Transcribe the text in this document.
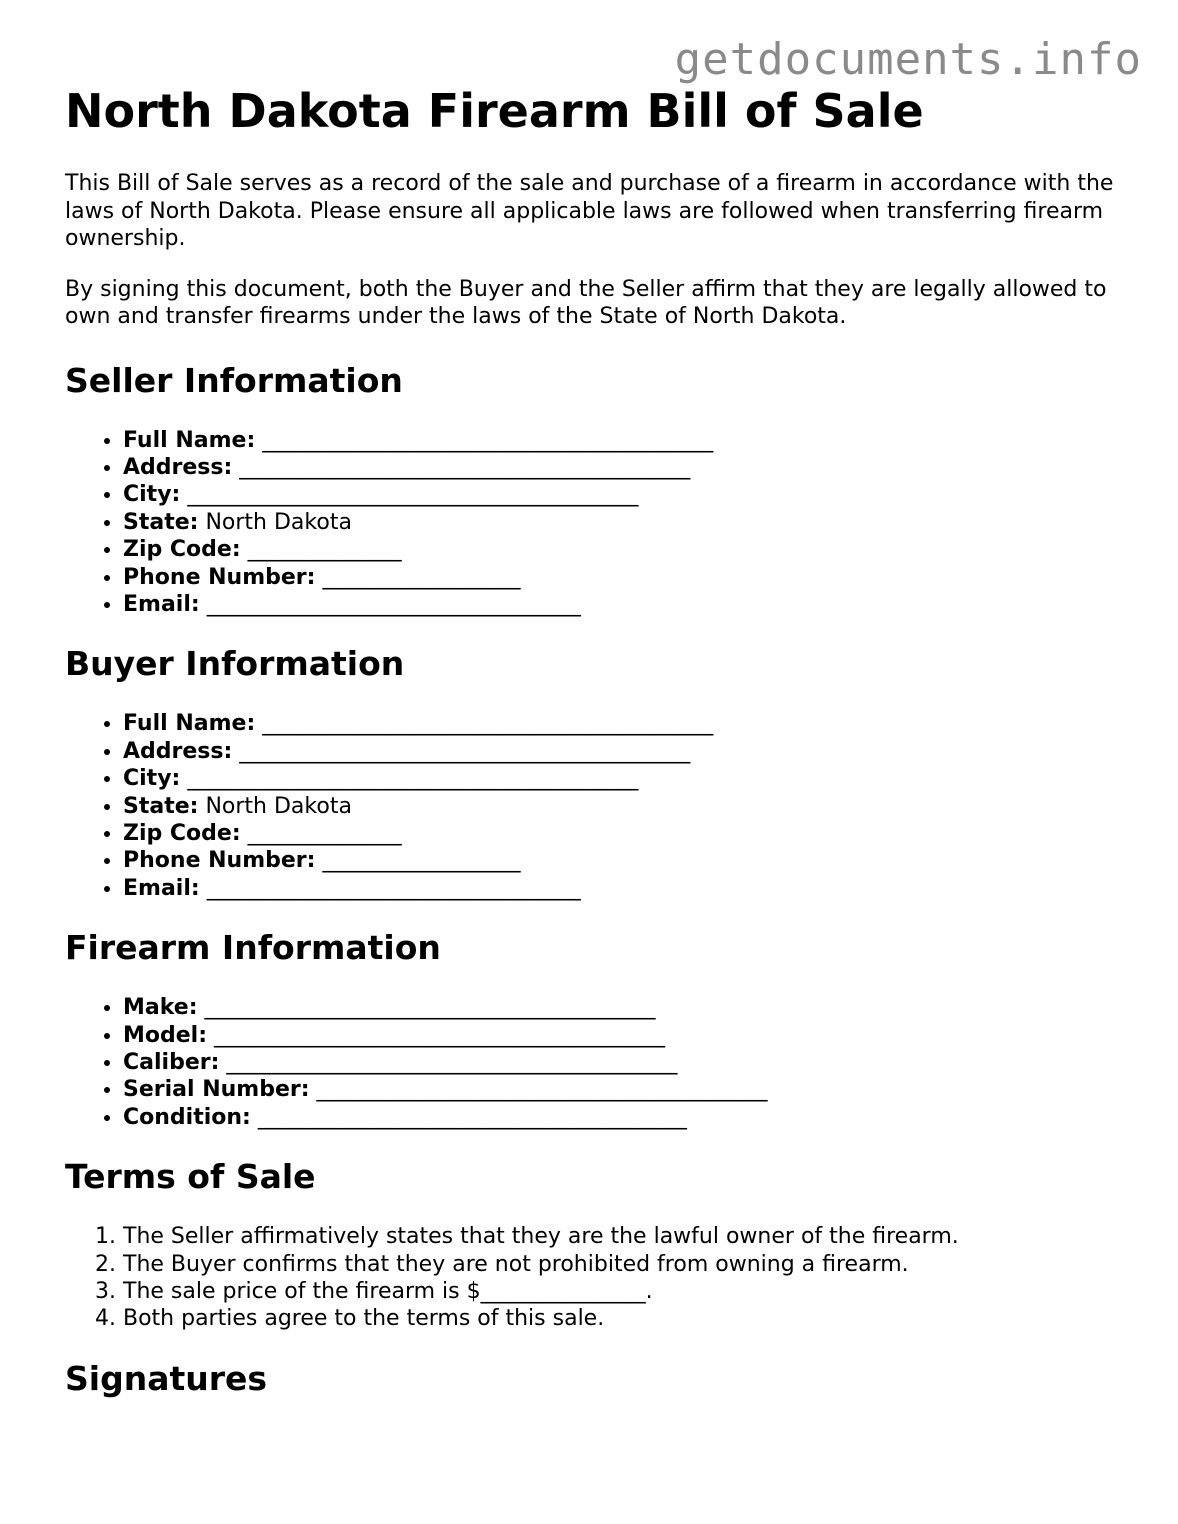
getdocuments.info
North Dakota Firearm Bill of Sale

This Bill of Sale serves as a record of the sale and purchase of a firearm in accordance with the laws of North Dakota. Please ensure all applicable laws are followed when transferring firearm ownership.

By signing this document, both the Buyer and the Seller affirm that they are legally allowed to own and transfer firearms under the laws of the State of North Dakota.

Seller Information
• Full Name: _________________________________________
• Address: _________________________________________
• City: _________________________________________
• State: North Dakota
• Zip Code: ______________
• Phone Number: __________________
• Email: __________________________________
Buyer Information
• Full Name: _________________________________________
• Address: _________________________________________
• City: _________________________________________
• State: North Dakota
• Zip Code: ______________
• Phone Number: __________________
• Email: __________________________________
Firearm Information
• Make: _________________________________________
• Model: _________________________________________
• Caliber: _________________________________________
• Serial Number: _________________________________________
• Condition: _______________________________________
Terms of Sale
1. The Seller affirmatively states that they are the lawful owner of the firearm.
2. The Buyer confirms that they are not prohibited from owning a firearm.
3. The sale price of the firearm is $_______________.
4. Both parties agree to the terms of this sale.
Signatures
